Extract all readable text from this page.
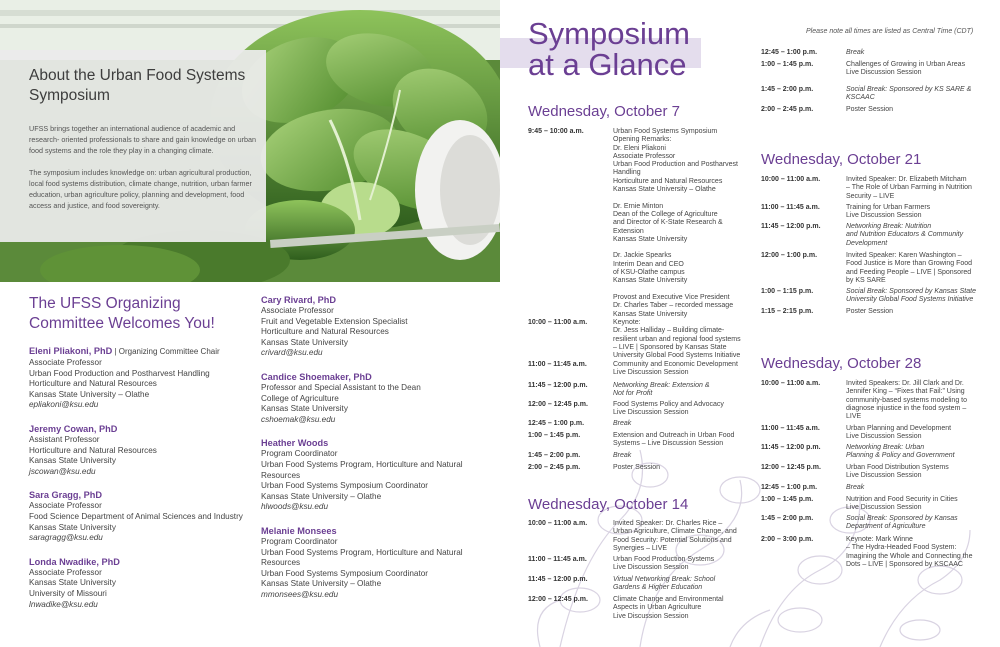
About the Urban Food Systems Symposium

UFSS brings together an international audience of academic and research- oriented professionals to share and gain knowledge on urban food systems and the role they play in a changing climate.

The symposium includes knowledge on: urban agricultural production, local food systems distribution, climate change, nutrition, urban farmer education, urban agriculture policy, planning and development, food access and justice, and food sovereignty.

The UFSS Organizing Committee Welcomes You!
Eleni Pliakoni, PhD | Organizing Committee Chair
Associate Professor
Urban Food Production and Postharvest Handling
Horticulture and Natural Resources
Kansas State University – Olathe
epliakoni@ksu.edu
Jeremy Cowan, PhD
Assistant Professor
Horticulture and Natural Resources
Kansas State University
jscowan@ksu.edu
Sara Gragg, PhD
Associate Professor
Food Science Department of Animal Sciences and Industry
Kansas State University
saragragg@ksu.edu
Londa Nwadike, PhD
Associate Professor
Kansas State University
University of Missouri
lnwadike@ksu.edu
Cary Rivard, PhD
Associate Professor
Fruit and Vegetable Extension Specialist
Horticulture and Natural Resources
Kansas State University
crivard@ksu.edu
Candice Shoemaker, PhD
Professor and Special Assistant to the Dean
College of Agriculture
Kansas State University
cshoemak@ksu.edu
Heather Woods
Program Coordinator
Urban Food Systems Program, Horticulture and Natural Resources
Urban Food Systems Symposium Coordinator
Kansas State University – Olathe
hlwoods@ksu.edu
Melanie Monsees
Program Coordinator
Urban Food Systems Program, Horticulture and Natural Resources
Urban Food Systems Symposium Coordinator
Kansas State University – Olathe
mmonsees@ksu.edu
Symposium
at a Glance
Please note all times are listed as Central Time (CDT)
Wednesday, October 7
9:45 – 10:00 a.m.	Urban Food Systems Symposium
Opening Remarks:
Dr. Eleni Pliakoni
Associate Professor
Urban Food Production and Postharvest
Handling
Horticulture and Natural Resources
Kansas State University – Olathe

Dr. Ernie Minton
Dean of the College of Agriculture
and Director of K-State Research &
Extension
Kansas State University

Dr. Jackie Spearks
Interim Dean and CEO
of KSU-Olathe campus
Kansas State University

Provost and Executive Vice President
Dr. Charles Taber – recorded message
Kansas State University
10:00 – 11:00 a.m.	Keynote:
Dr. Jess Halliday – Building climate-
resilient urban and regional food systems
– LIVE | Sponsored by Kansas State
University Global Food Systems Initiative
11:00 – 11:45 a.m.	Community and Economic Development
Live Discussion Session
11:45 – 12:00 p.m.	Networking Break: Extension &
Not for Profit
12:00 – 12:45 p.m.	Food Systems Policy and Advocacy
Live Discussion Session
12:45 – 1:00 p.m.	Break
1:00 – 1:45 p.m.	Extension and Outreach in Urban Food
Systems – Live Discussion Session
1:45 – 2:00 p.m.	Break
2:00 – 2:45 p.m.	Poster Session
Wednesday, October 14
10:00 – 11:00 a.m.	Invited Speaker: Dr. Charles Rice –
Urban Agriculture, Climate Change, and
Food Security: Potential Solutions and
Synergies – LIVE
11:00 – 11:45 a.m.	Urban Food Production Systems
Live Discussion Session
11:45 – 12:00 p.m.	Virtual Networking Break: School
Gardens & Higher Education
12:00 – 12:45 p.m.	Climate Change and Environmental
Aspects in Urban Agriculture
Live Discussion Session
12:45 – 1:00 p.m.	Break
1:00 – 1:45 p.m.	Challenges of Growing in Urban Areas
Live Discussion Session
1:45 – 2:00 p.m.	Social Break: Sponsored by KS SARE &
KSCAAC
2:00 – 2:45 p.m.	Poster Session
Wednesday, October 21
10:00 – 11:00 a.m.	Invited Speaker: Dr. Elizabeth Mitcham
– The Role of Urban Farming in Nutrition
Security – LIVE
11:00 – 11:45 a.m.	Training for Urban Farmers
Live Discussion Session
11:45 – 12:00 p.m.	Networking Break: Nutrition
and Nutrition Educators & Community
Development
12:00 – 1:00 p.m.	Invited Speaker: Karen Washington –
Food Justice is More than Growing Food
and Feeding People – LIVE | Sponsored
by KS SARE
1:00 – 1:15 p.m.	Social Break: Sponsored by Kansas State
University Global Food Systems Initiative
1:15 – 2:15 p.m.	Poster Session
Wednesday, October 28
10:00 – 11:00 a.m.	Invited Speakers: Dr. Jill Clark and Dr.
Jennifer King – “Fixes that Fail:” Using
community-based systems modeling to
diagnose injustice in the food system –
LIVE
11:00 – 11:45 a.m.	Urban Planning and Development
Live Discussion Session
11:45 – 12:00 p.m.	Networking Break: Urban
Planning & Policy and Government
12:00 – 12:45 p.m.	Urban Food Distribution Systems
Live Discussion Session
12:45 – 1:00 p.m.	Break
1:00 – 1:45 p.m.	Nutrition and Food Security in Cities
Live Discussion Session
1:45 – 2:00 p.m.	Social Break: Sponsored by Kansas
Department of Agriculture
2:00 – 3:00 p.m.	Keynote: Mark Winne
– The Hydra-Headed Food System:
Imagining the Whole and Connecting the
Dots – LIVE | Sponsored by KSCAAC
